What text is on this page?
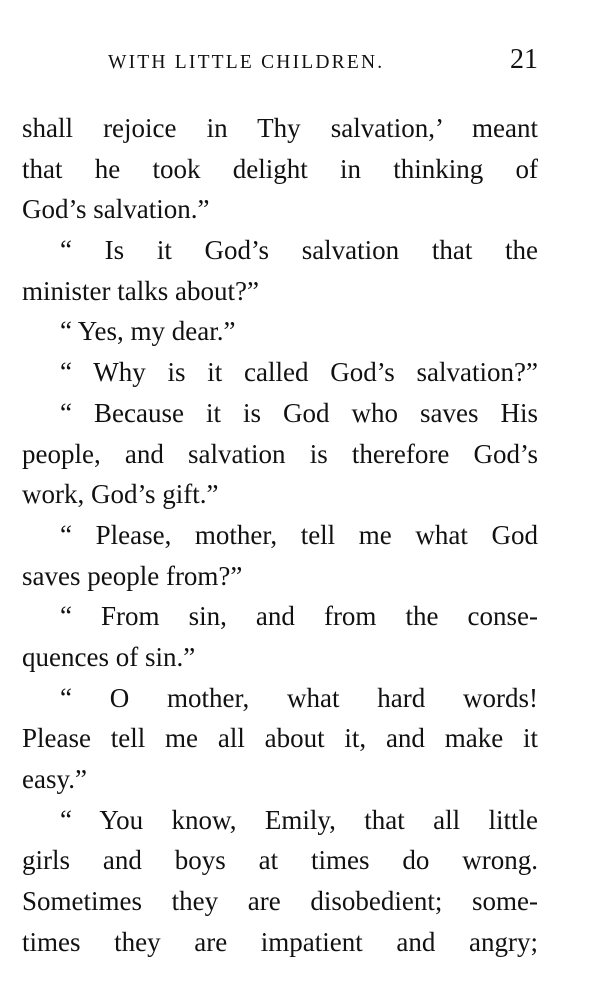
WITH LITTLE CHILDREN.	21
shall rejoice in Thy salvation,’ meant
that he took delight in thinking of
God’s salvation.”
“ Is it God’s salvation that the
minister talks about?”
“ Yes, my dear.”
“ Why is it called God’s salvation?”
“ Because it is God who saves His
people, and salvation is therefore God’s
work, God’s gift.”
“ Please, mother, tell me what God
saves people from?”
“ From sin, and from the conse-
quences of sin.”
“ O mother, what hard words!
Please tell me all about it, and make it
easy.”
“ You know, Emily, that all little
girls and boys at times do wrong.
Sometimes they are disobedient; some-
times they are impatient and angry;
